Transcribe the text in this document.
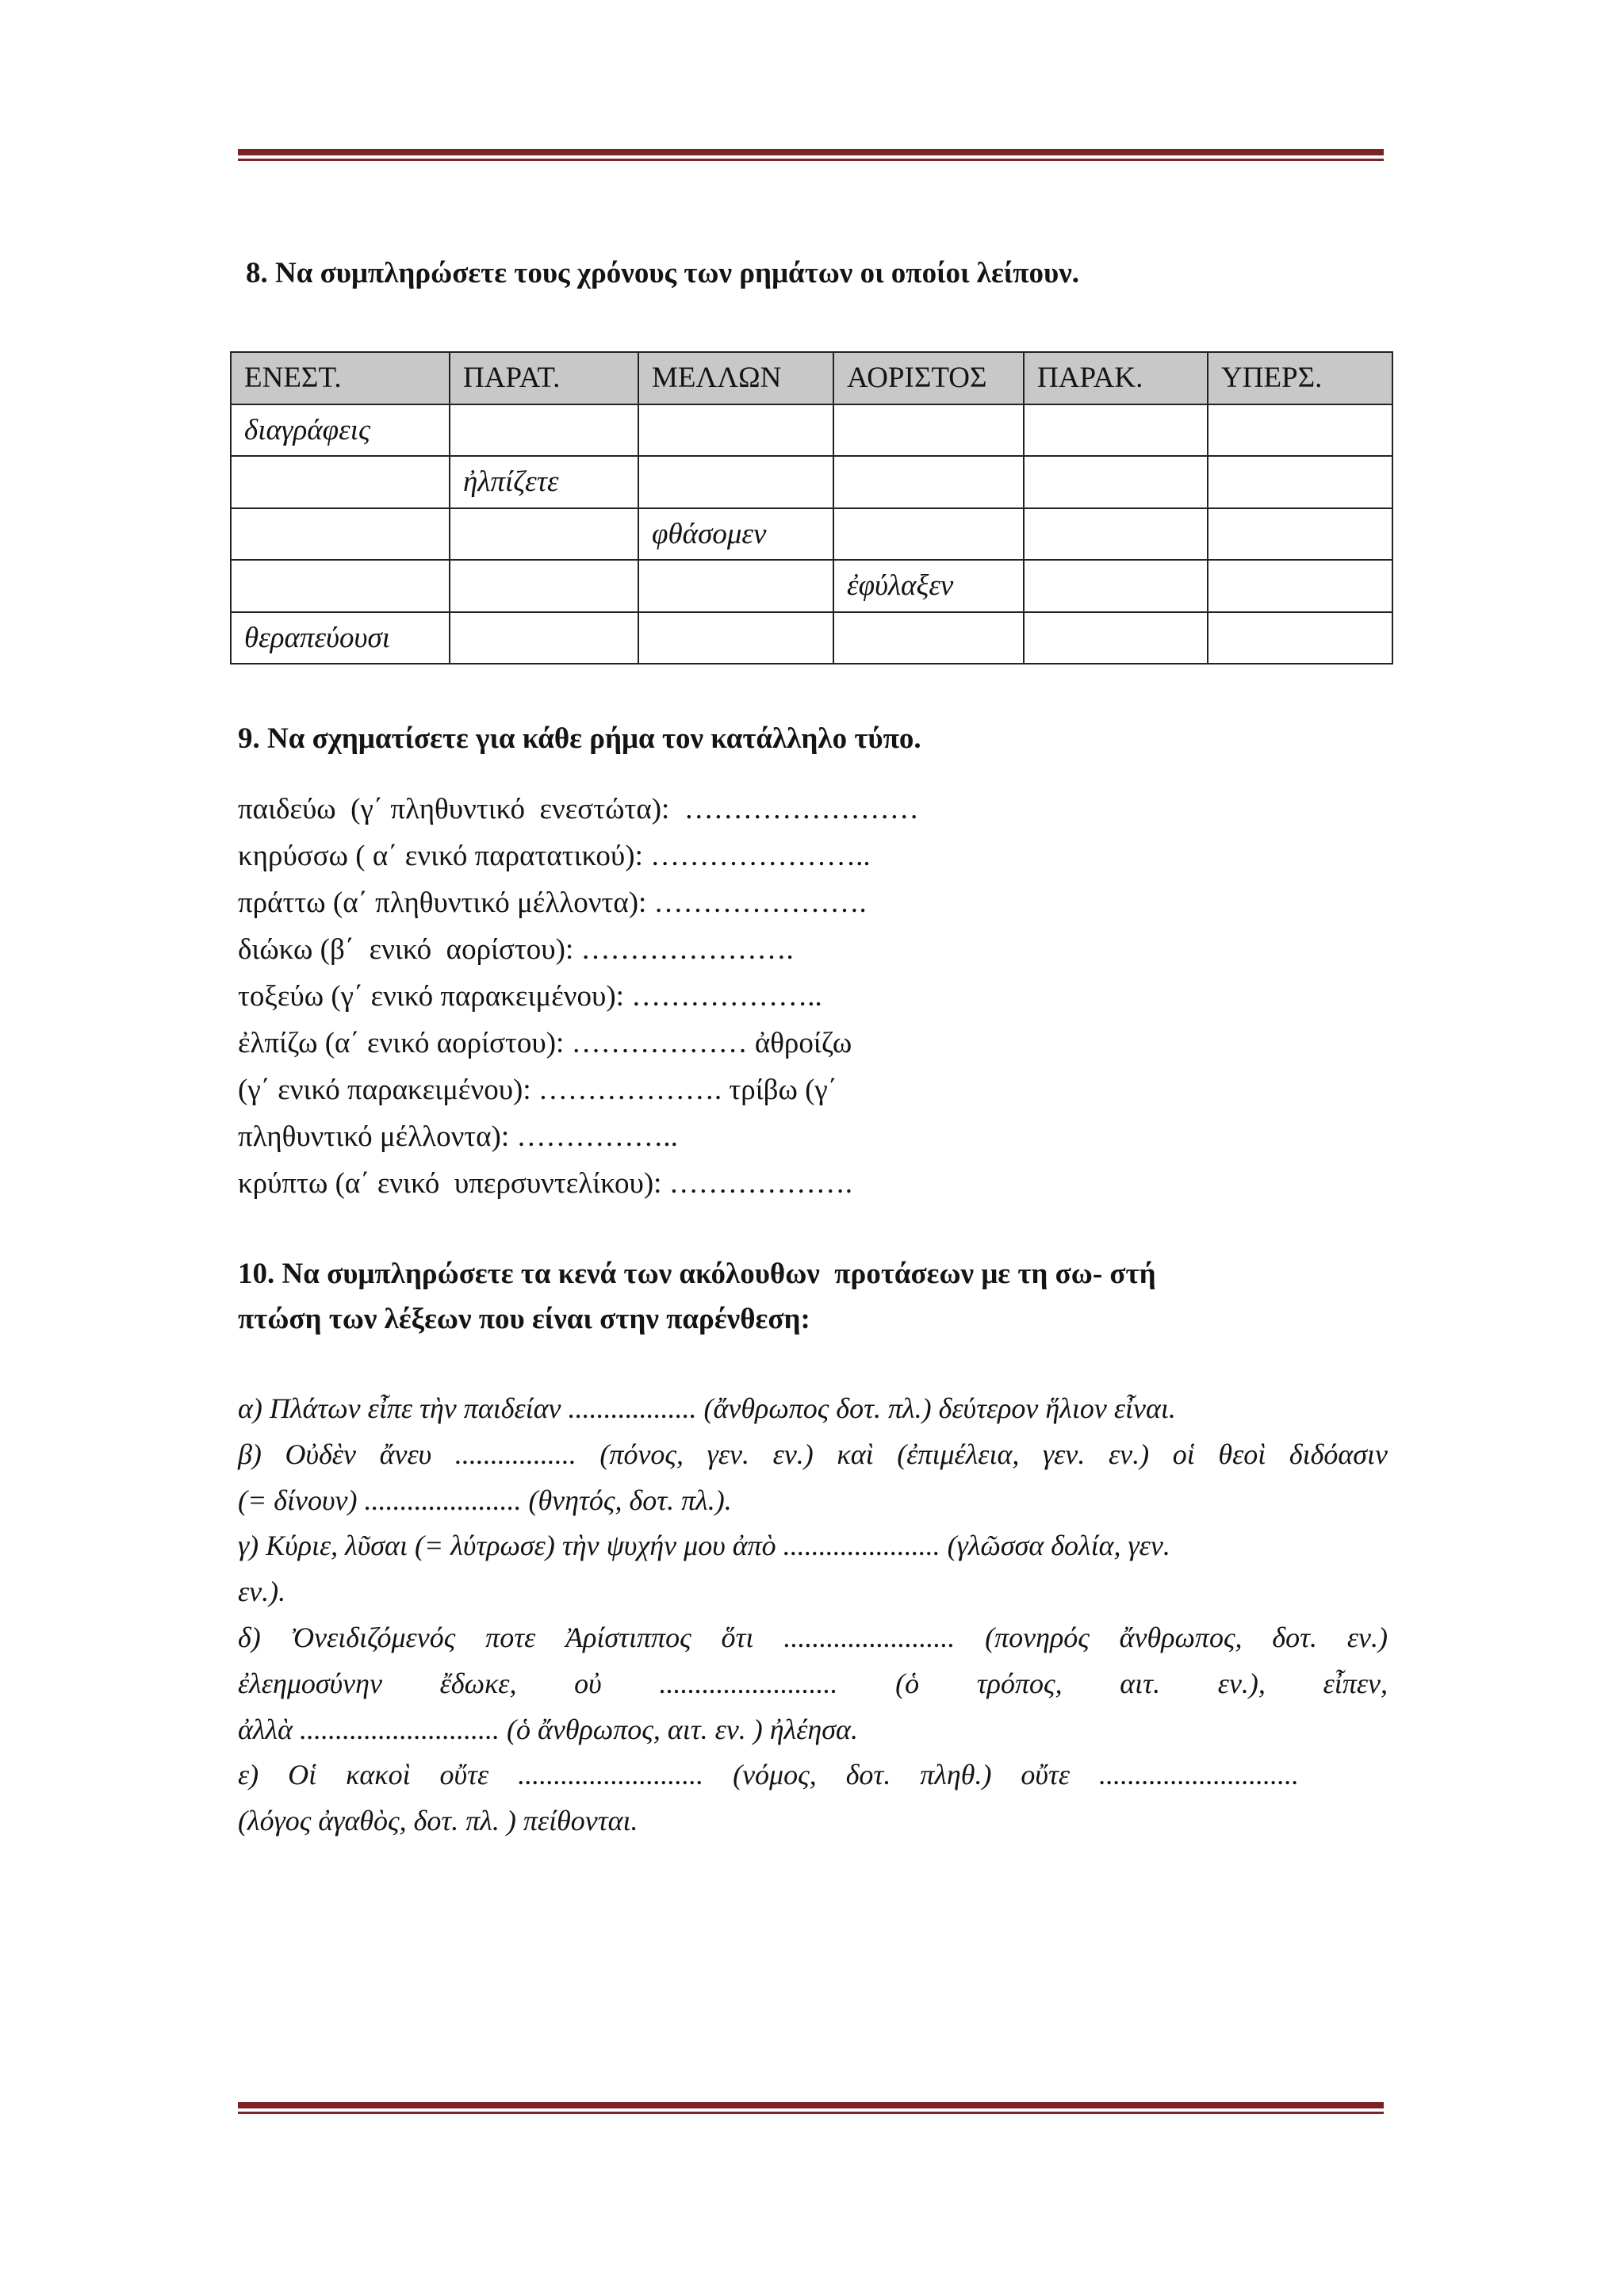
8. Να συμπληρώσετε τους χρόνους των ρημάτων οι οποίοι λείπουν.
ΕΝΕΣΤ.	ΠΑΡΑΤ.	ΜΕΛΛΩΝ	ΑΟΡΙΣΤΟΣ	ΠΑΡΑΚ.	ΥΠΕΡΣ.
διαγράφεις					
	ἠλπίζετε				
		φθάσομεν			
			ἐφύλαξεν		
θεραπεύουσι					
9. Να σχηματίσετε για κάθε ρήμα τον κατάλληλο τύπο.
παιδεύω  (γ΄ πληθυντικό  ενεστώτα):  ……………………
κηρύσσω ( α΄ ενικό παρατατικού): …………………..
πράττω (α΄ πληθυντικό μέλλοντα): ………………….
διώκω (β΄  ενικό  αορίστου): ………………….
τοξεύω (γ΄ ενικό παρακειμένου): ………………..
ἐλπίζω (α΄ ενικό αορίστου): ……………… ἀθροίζω
(γ΄ ενικό παρακειμένου): ………………. τρίβω (γ΄
πληθυντικό μέλλοντα): ……………..
κρύπτω (α΄ ενικό  υπερσυντελίκου): ……………….
10. Να συμπληρώσετε τα κενά των ακόλουθων  προτάσεων με τη σω- στή
πτώση των λέξεων που είναι στην παρένθεση:
α) Πλάτων εἶπε τὴν παιδείαν .................. (ἄνθρωπος δοτ. πλ.) δεύτερον ἥλιον εἶναι.
β) Οὐδὲν ἄνευ ................. (πόνος, γεν. εν.) καὶ (ἐπιμέλεια, γεν. εν.) οἱ θεοὶ διδόασιν
(= δίνουν) ...................... (θνητός, δοτ. πλ.).
γ) Κύριε, λῦσαι (= λύτρωσε) τὴν ψυχήν μου ἀπὸ ...................... (γλῶσσα δολία, γεν.
εν.).
δ) Ὀνειδιζόμενός ποτε Ἀρίστιππος ὅτι ........................ (πονηρός ἄνθρωπος, δοτ. εν.)
ἐλεημοσύνην ἔδωκε, οὐ ......................... (ὁ τρόπος, αιτ. εν.), εἶπεν,
ἀλλὰ ............................ (ὁ ἄνθρωπος, αιτ. εν. ) ἠλέησα.
ε) Οἱ κακοὶ οὔτε .......................... (νόμος, δοτ. πληθ.) οὔτε ............................
(λόγος ἀγαθὸς, δοτ. πλ. ) πείθονται.
